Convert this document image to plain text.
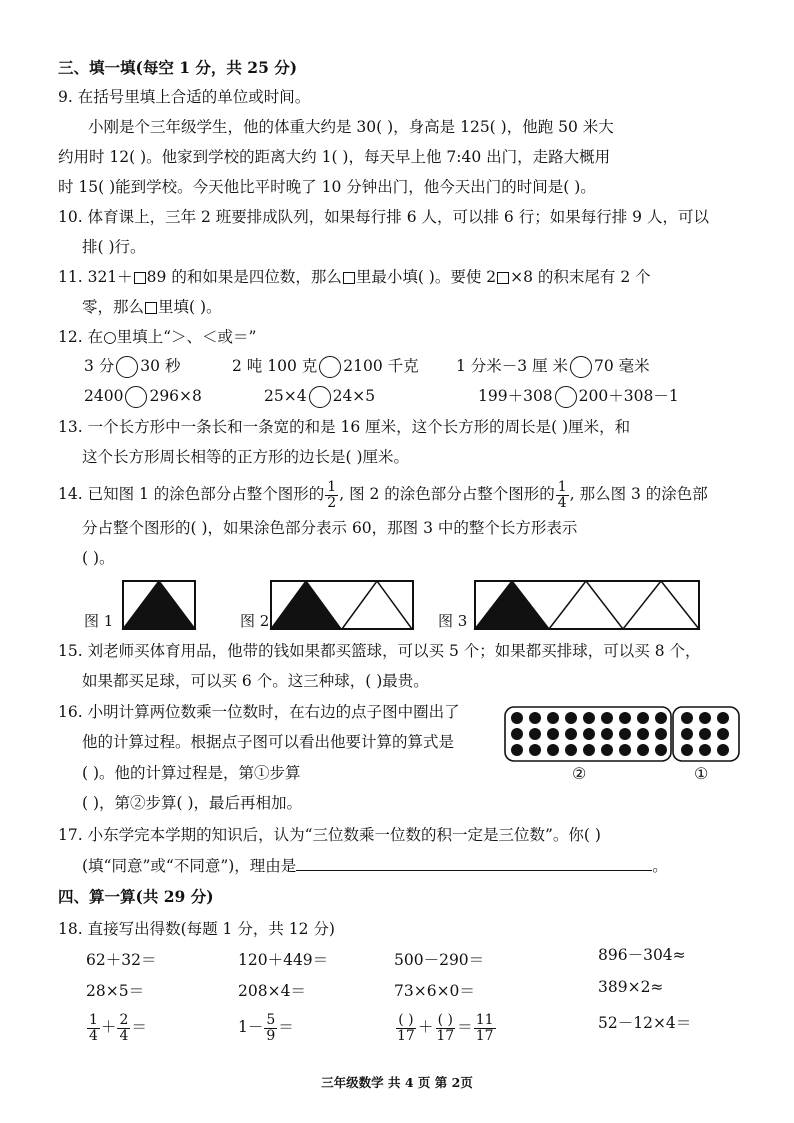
三、填一填(每空 1 分，共 25 分)
9. 在括号里填上合适的单位或时间。
小刚是个三年级学生，他的体重大约是 30( )，身高是 125( )，他跑 50 米大
约用时 12( )。他家到学校的距离大约 1( )，每天早上他 7:40 出门，走路大概用
时 15( )能到学校。今天他比平时晚了 10 分钟出门，他今天出门的时间是( )。
10. 体育课上，三年 2 班要排成队列，如果每行排 6 人，可以排 6 行；如果每行排 9 人，可以
排( )行。
11. 321＋ 89 的和如果是四位数，那么 里最小填( )。要使 2 ×8 的积末尾有 2 个
零，那么 里填( )。
12. 在○里填上“＞、＜或＝”
3 分 30 秒	2 吨 100 克 2100 千克 1 分米－3 厘 米 70 毫米
2400 296×8	25×4 24×5	199＋308 200＋308－1
13. 一个长方形中一条长和一条宽的和是 16 厘米，这个长方形的周长是( )厘米，和
这个长方形周长相等的正方形的边长是( )厘米。
14. 已知图 1 的涂色部分占整个图形的 $\frac{1}{2}$ , 图 2 的涂色部分占整个图形的 $\frac{1}{4}$ , 那么图 3 的涂色部
分占整个图形的( )，如果涂色部分表示 60，那图 3 中的整个长方形表示
( )。
图 1	图 2	图 3
15. 刘老师买体育用品，他带的钱如果都买篮球，可以买 5 个；如果都买排球，可以买 8 个，
如果都买足球，可以买 6 个。这三种球，( )最贵。
16. 小明计算两位数乘一位数时，在右边的点子图中圈出了
他的计算过程。根据点子图可以看出他要计算的算式是
( )。他的计算过程是，第①步算
( )，第②步算( )，最后再相加。
②	①
17. 小东学完本学期的知识后，认为“三位数乘一位数的积一定是三位数”。你( )
(填“同意”或“不同意”)，理由是	。
四、算一算(共 29 分)
18. 直接写出得数(每题 1 分，共 12 分)
62＋32＝	120＋449＝	500－290＝	896－304≈
28×5＝	208×4＝	73×6×0＝	389×2≈
$\frac{1}{4} + \frac{2}{4}$ ＝	$1- \frac{5}{9}$ ＝	$\frac{( )}{17} + \frac{( )}{17} = \frac{11}{17}$	52－12×4＝
三年级数学 共 4 页 第 2页
